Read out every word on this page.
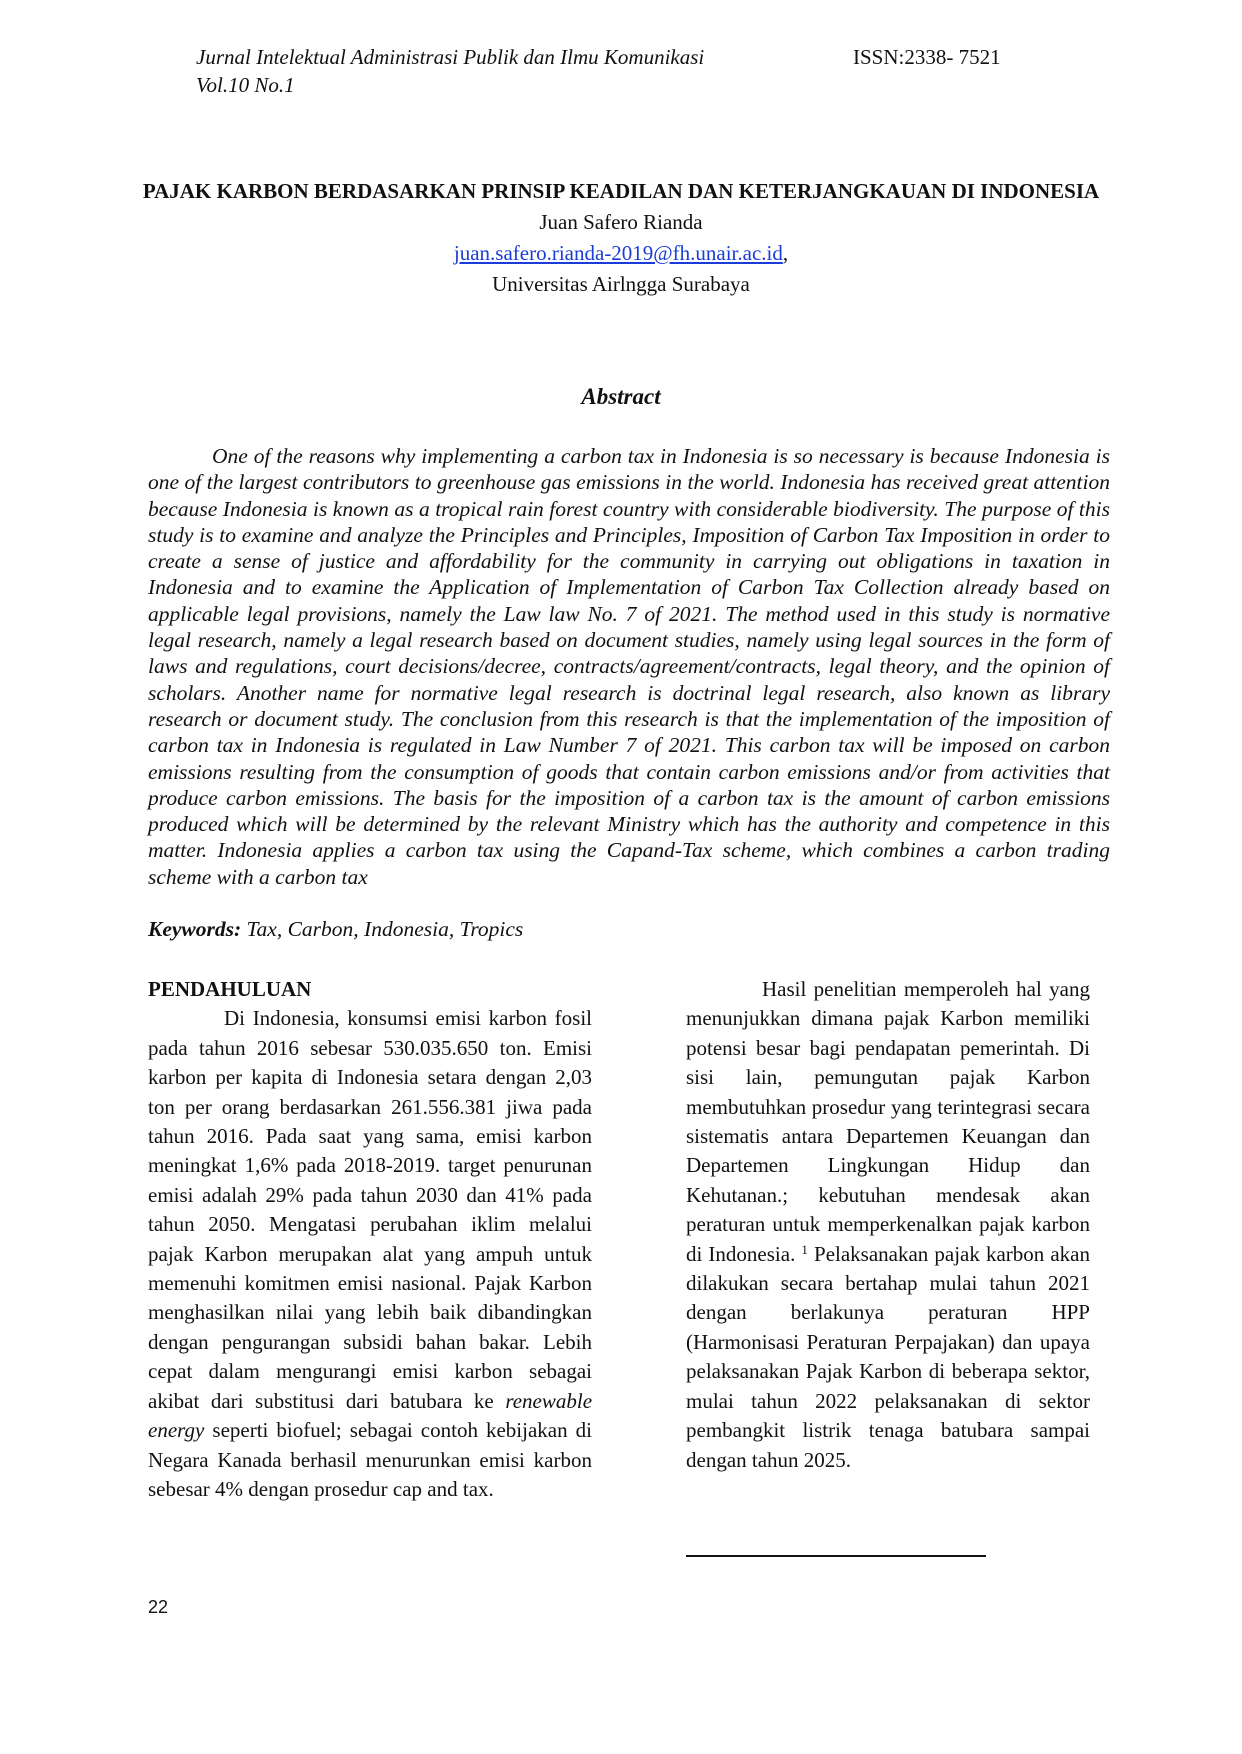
Jurnal Intelektual Administrasi Publik dan Ilmu Komunikasi
Vol.10 No.1
ISSN:2338- 7521
PAJAK KARBON BERDASARKAN PRINSIP KEADILAN DAN KETERJANGKAUAN DI INDONESIA
Juan Safero Rianda
juan.safero.rianda-2019@fh.unair.ac.id,
Universitas Airlngga Surabaya
Abstract

One of the reasons why implementing a carbon tax in Indonesia is so necessary is because Indonesia is one of the largest contributors to greenhouse gas emissions in the world. Indonesia has received great attention because Indonesia is known as a tropical rain forest country with considerable biodiversity. The purpose of this study is to examine and analyze the Principles and Principles, Imposition of Carbon Tax Imposition in order to create a sense of justice and affordability for the community in carrying out obligations in taxation in Indonesia and to examine the Application of Implementation of Carbon Tax Collection already based on applicable legal provisions, namely the Law law No. 7 of 2021. The method used in this study is normative legal research, namely a legal research based on document studies, namely using legal sources in the form of laws and regulations, court decisions/decree, contracts/agreement/contracts, legal theory, and the opinion of scholars. Another name for normative legal research is doctrinal legal research, also known as library research or document study. The conclusion from this research is that the implementation of the imposition of carbon tax in Indonesia is regulated in Law Number 7 of 2021. This carbon tax will be imposed on carbon emissions resulting from the consumption of goods that contain carbon emissions and/or from activities that produce carbon emissions. The basis for the imposition of a carbon tax is the amount of carbon emissions produced which will be determined by the relevant Ministry which has the authority and competence in this matter. Indonesia applies a carbon tax using the Capand-Tax scheme, which combines a carbon trading scheme with a carbon tax

Keywords: Tax, Carbon, Indonesia, Tropics
PENDAHULUAN

Di Indonesia, konsumsi emisi karbon fosil pada tahun 2016 sebesar 530.035.650 ton. Emisi karbon per kapita di Indonesia setara dengan 2,03 ton per orang berdasarkan 261.556.381 jiwa pada tahun 2016. Pada saat yang sama, emisi karbon meningkat 1,6% pada 2018-2019. target penurunan emisi adalah 29% pada tahun 2030 dan 41% pada tahun 2050. Mengatasi perubahan iklim melalui pajak Karbon merupakan alat yang ampuh untuk memenuhi komitmen emisi nasional. Pajak Karbon menghasilkan nilai yang lebih baik dibandingkan dengan pengurangan subsidi bahan bakar. Lebih cepat dalam mengurangi emisi karbon sebagai akibat dari substitusi dari batubara ke renewable energy seperti biofuel; sebagai contoh kebijakan di Negara Kanada berhasil menurunkan emisi karbon sebesar 4% dengan prosedur cap and tax.

Hasil penelitian memperoleh hal yang menunjukkan dimana pajak Karbon memiliki potensi besar bagi pendapatan pemerintah. Di sisi lain, pemungutan pajak Karbon membutuhkan prosedur yang terintegrasi secara sistematis antara Departemen Keuangan dan Departemen Lingkungan Hidup dan Kehutanan.; kebutuhan mendesak akan peraturan untuk memperkenalkan pajak karbon di Indonesia. $^1$ Pelaksanakan pajak karbon akan dilakukan secara bertahap mulai tahun 2021 dengan berlakunya peraturan HPP (Harmonisasi Peraturan Perpajakan) dan upaya pelaksanakan Pajak Karbon di beberapa sektor, mulai tahun 2022 pelaksanakan di sektor pembangkit listrik tenaga batubara sampai dengan tahun 2025.

22
